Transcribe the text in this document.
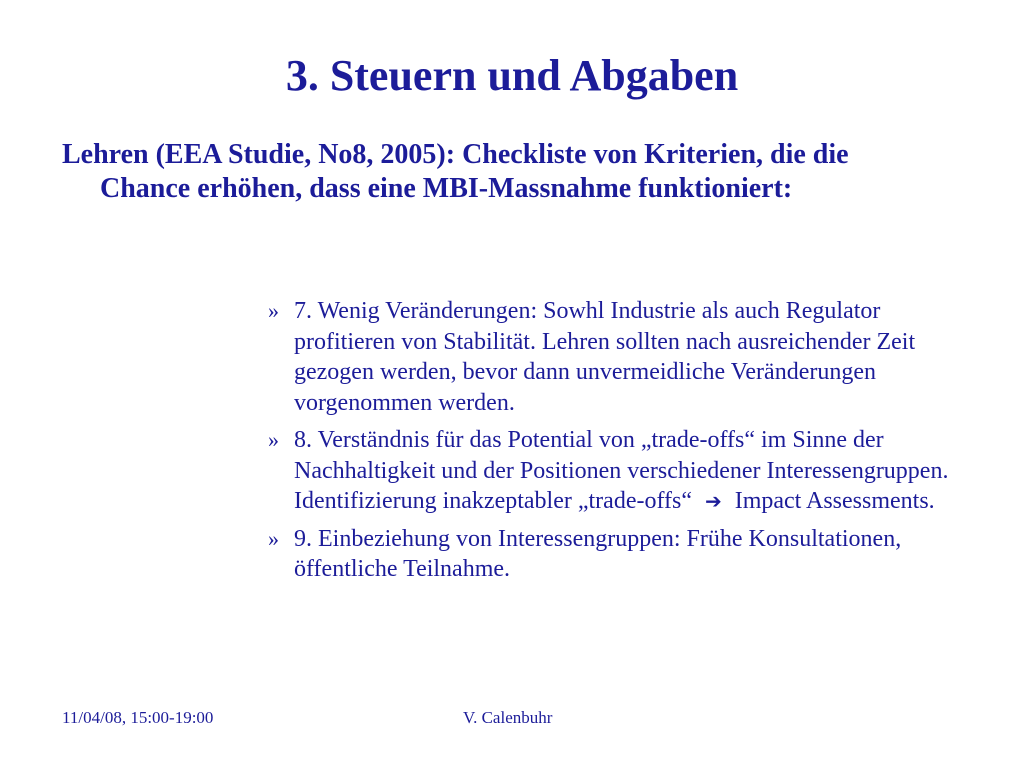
3. Steuern und Abgaben
Lehren (EEA Studie, No8, 2005): Checkliste von Kriterien, die die Chance erhöhen, dass eine MBI-Massnahme funktioniert:
» 7. Wenig Veränderungen: Sowhl Industrie als auch Regulator profitieren von Stabilität. Lehren sollten nach ausreichender Zeit gezogen werden, bevor dann unvermeidliche Veränderungen vorgenommen werden.
» 8. Verständnis für das Potential von „trade-offs“ im Sinne der Nachhaltigkeit und der Positionen verschiedener Interessengruppen. Identifizierung inakzeptabler „trade-offs“  ➔  Impact Assessments.
» 9. Einbeziehung von Interessengruppen: Frühe Konsultationen, öffentliche Teilnahme.
11/04/08, 15:00-19:00	V. Calenbuhr
